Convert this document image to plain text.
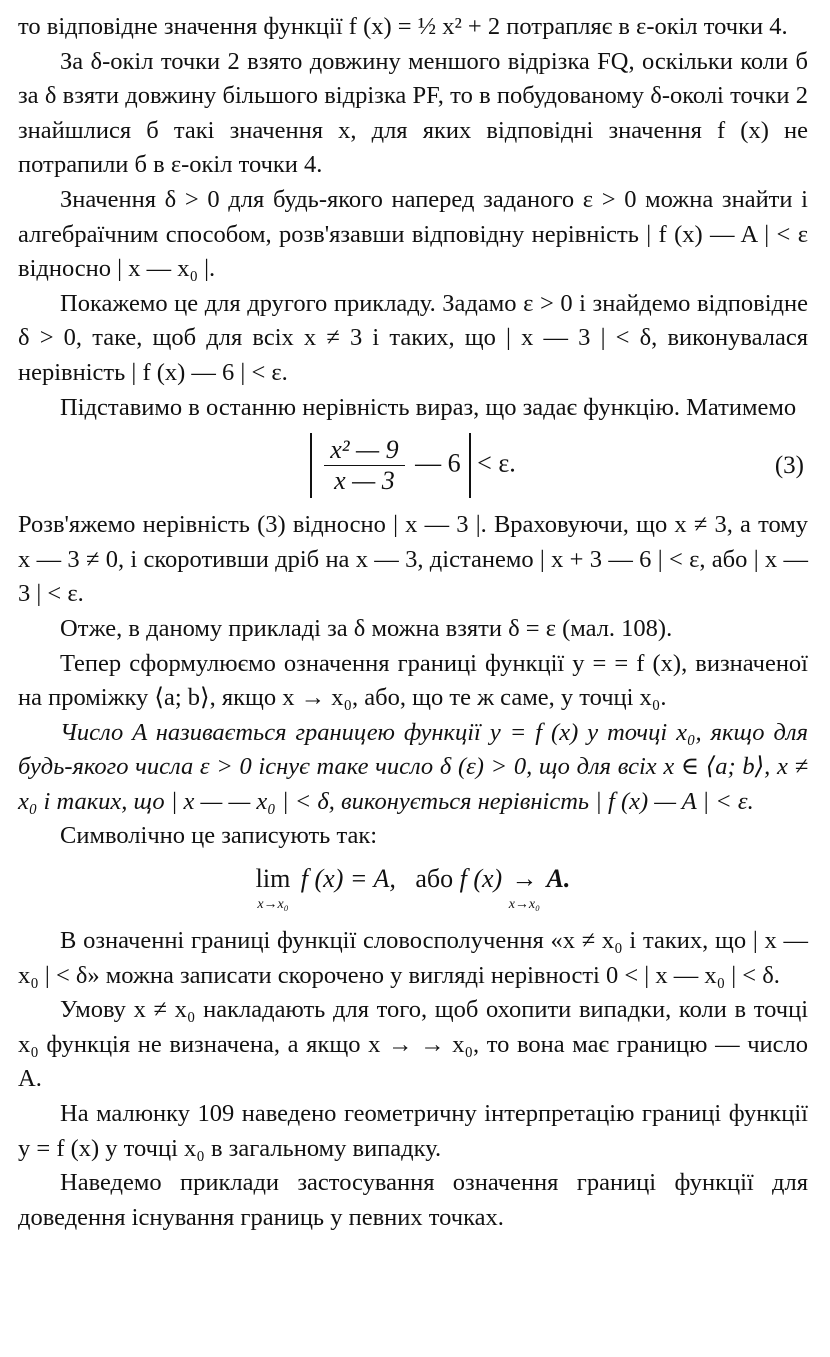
то відповідне значення функції f (x) = ½ x² + 2 потрапляє в ε-окіл точки 4.

За δ-окіл точки 2 взято довжину меншого відрізка FQ, оскільки коли б за δ взяти довжину більшого відрізка PF, то в побудованому δ-околі точки 2 знайшлися б такі значення x, для яких відповідні значення f (x) не потрапили б в ε-окіл точки 4.

Значення δ > 0 для будь-якого наперед заданого ε > 0 можна знайти і алгебраїчним способом, розв'язавши відповідну нерівність | f (x) — A | < ε відносно | x — x₀ |.

Покажемо це для другого прикладу. Задамо ε > 0 і знайдемо відповідне δ > 0, таке, щоб для всіх x ≠ 3 і таких, що | x — 3 | < δ, виконувалася нерівність | f (x) — 6 | < ε.

Підставимо в останню нерівність вираз, що задає функцію. Матимемо

$\frac{\text{x² — 9}}{x — 3}$ — 6 < ε.	(3)

Розв'яжемо нерівність (3) відносно | x — 3 |. Враховуючи, що x ≠ 3, а тому x — 3 ≠ 0, і скоротивши дріб на x — 3, дістанемо | x + 3 — 6 | < ε, або | x — 3 | < ε.

Отже, в даному прикладі за δ можна взяти δ = ε (мал. 108).

Тепер сформулюємо означення границі функції y = = f (x), визначеної на проміжку ⟨a; b⟩, якщо x → x₀, або, що те ж саме, у точці x₀.

Число A називається границею функції y = f (x) у точці x₀, якщо для будь-якого числа ε > 0 існує таке число δ (ε) > 0, що для всіх x ∈ ⟨a; b⟩, x ≠ x₀ і таких, що | x — — x₀ | < δ, виконується нерівність | f (x) — A | < ε.

Символічно це записують так:

lim
x→x₀
f (x) = A, або f (x) →
x→x₀
A.

В означенні границі функції словосполучення «x ≠ x₀ і таких, що | x — x₀ | < δ» можна записати скорочено у вигляді нерівності 0 < | x — x₀ | < δ.

Умову x ≠ x₀ накладають для того, щоб охопити випадки, коли в точці x₀ функція не визначена, а якщо x → → x₀, то вона має границю — число A.

На малюнку 109 наведено геометричну інтерпретацію границі функції y = f (x) у точці x₀ в загальному випадку.

Наведемо приклади застосування означення границі функції для доведення існування границь у певних точках.
